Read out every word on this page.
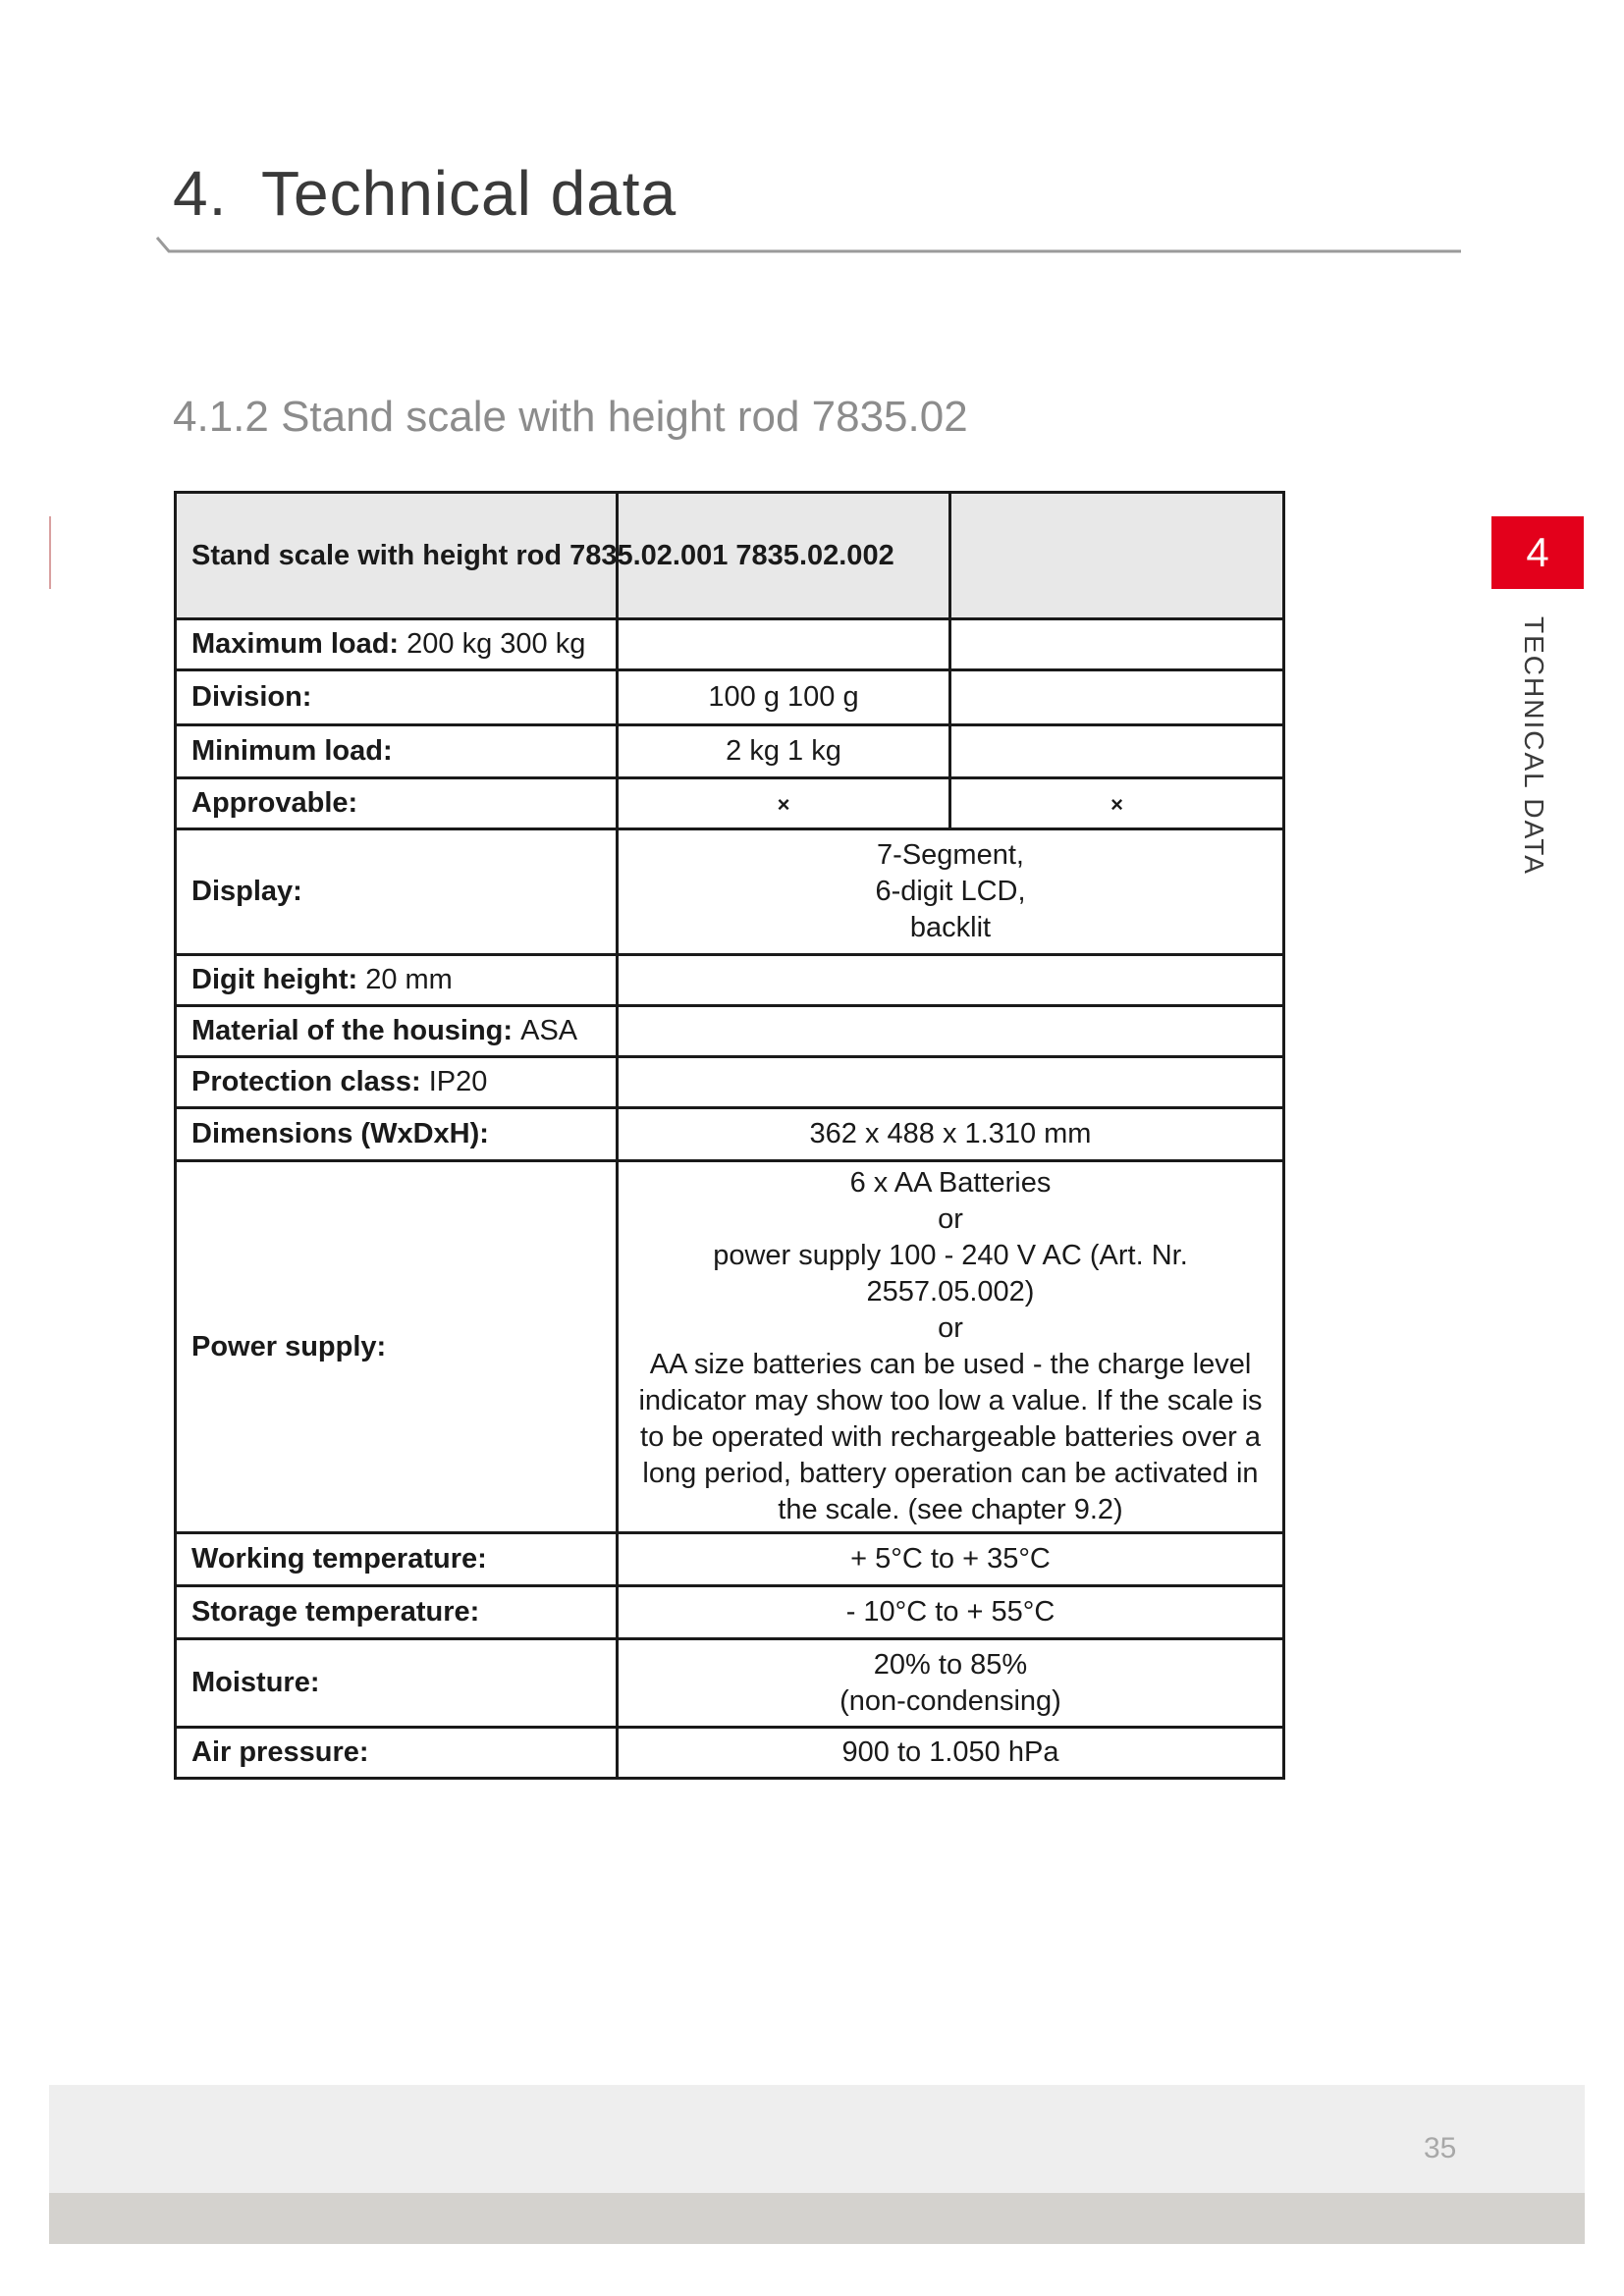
4. Technical data
4.1.2 Stand scale with height rod 7835.02
4
TECHNICAL DATA
Stand scale with height rod 7835.02.001 7835.02.002		
Maximum load: 200 kg 300 kg		
Division:	100 g 100 g	
Minimum load:	2 kg 1 kg	
Approvable:	×	×
Display:	7-Segment,
6-digit LCD,
backlit	
Digit height: 20 mm		
Material of the housing: ASA		
Protection class: IP20		
Dimensions (WxDxH):	362 x 488 x 1.310 mm	
Power supply:	6 x AA Batteries
or
power supply 100 - 240 V AC (Art. Nr. 2557.05.002)
or
AA size batteries can be used - the charge level indicator may show too low a value. If the scale is to be operated with rechargeable batteries over a long period, battery operation can be activated in the scale. (see chapter 9.2)	
Working temperature:	+ 5°C to + 35°C	
Storage temperature:	- 10°C to + 55°C	
Moisture:	20% to 85%
(non-condensing)	
Air pressure:	900 to 1.050 hPa	
35
